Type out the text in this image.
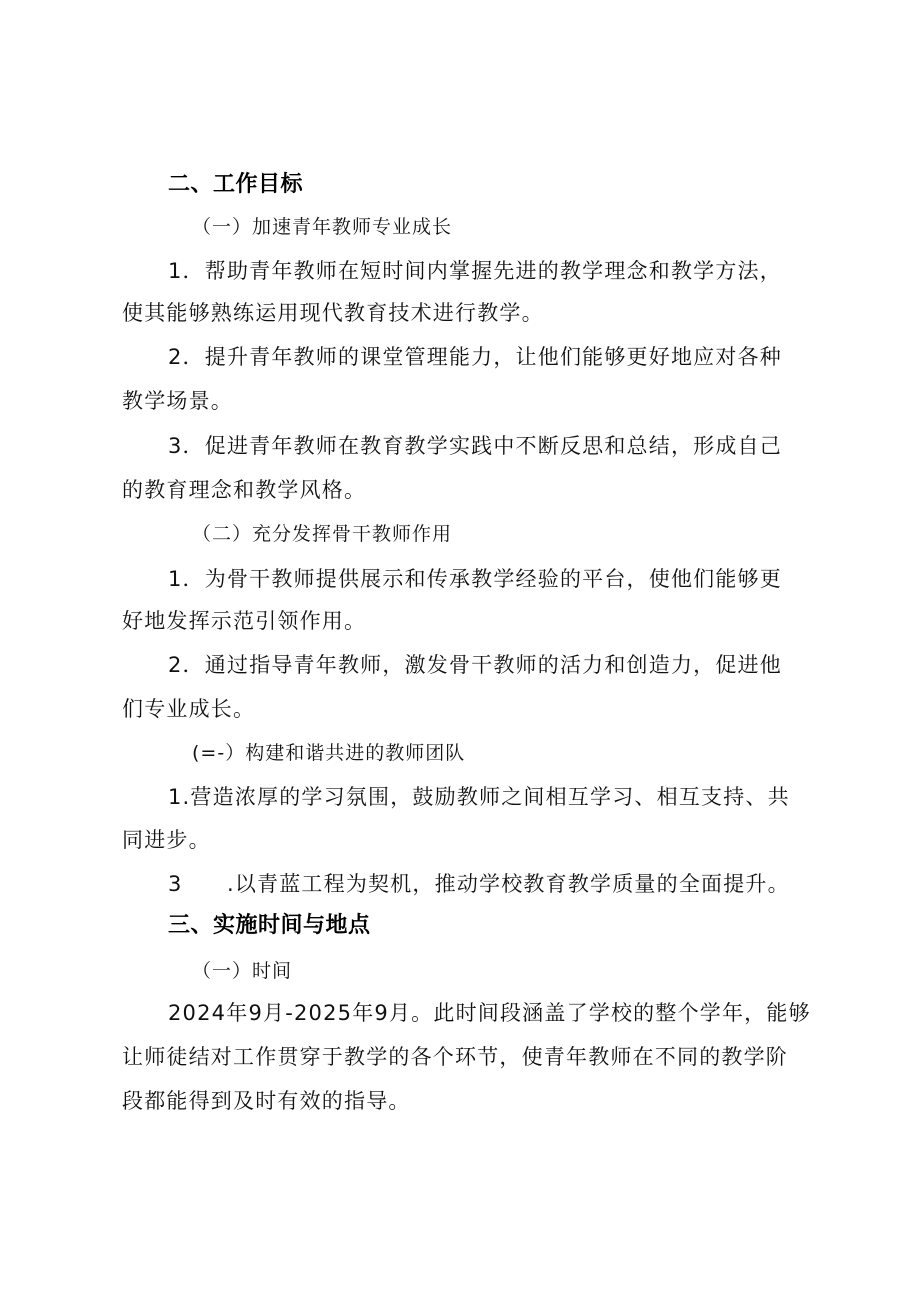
二、工作目标
（一）加速青年教师专业成长
1．帮助青年教师在短时间内掌握先进的教学理念和教学方法，
使其能够熟练运用现代教育技术进行教学。
2．提升青年教师的课堂管理能力，让他们能够更好地应对各种
教学场景。
3．促进青年教师在教育教学实践中不断反思和总结，形成自己
的教育理念和教学风格。
（二）充分发挥骨干教师作用
1．为骨干教师提供展示和传承教学经验的平台，使他们能够更
好地发挥示范引领作用。
2．通过指导青年教师，激发骨干教师的活力和创造力，促进他
们专业成长。
(=-）构建和谐共进的教师团队
1.营造浓厚的学习氛围，鼓励教师之间相互学习、相互支持、共
同进步。
3　　.以青蓝工程为契机，推动学校教育教学质量的全面提升。
三、实施时间与地点
（一）时间
2024年9月-2025年9月。此时间段涵盖了学校的整个学年，能够
让师徒结对工作贯穿于教学的各个环节，使青年教师在不同的教学阶
段都能得到及时有效的指导。
